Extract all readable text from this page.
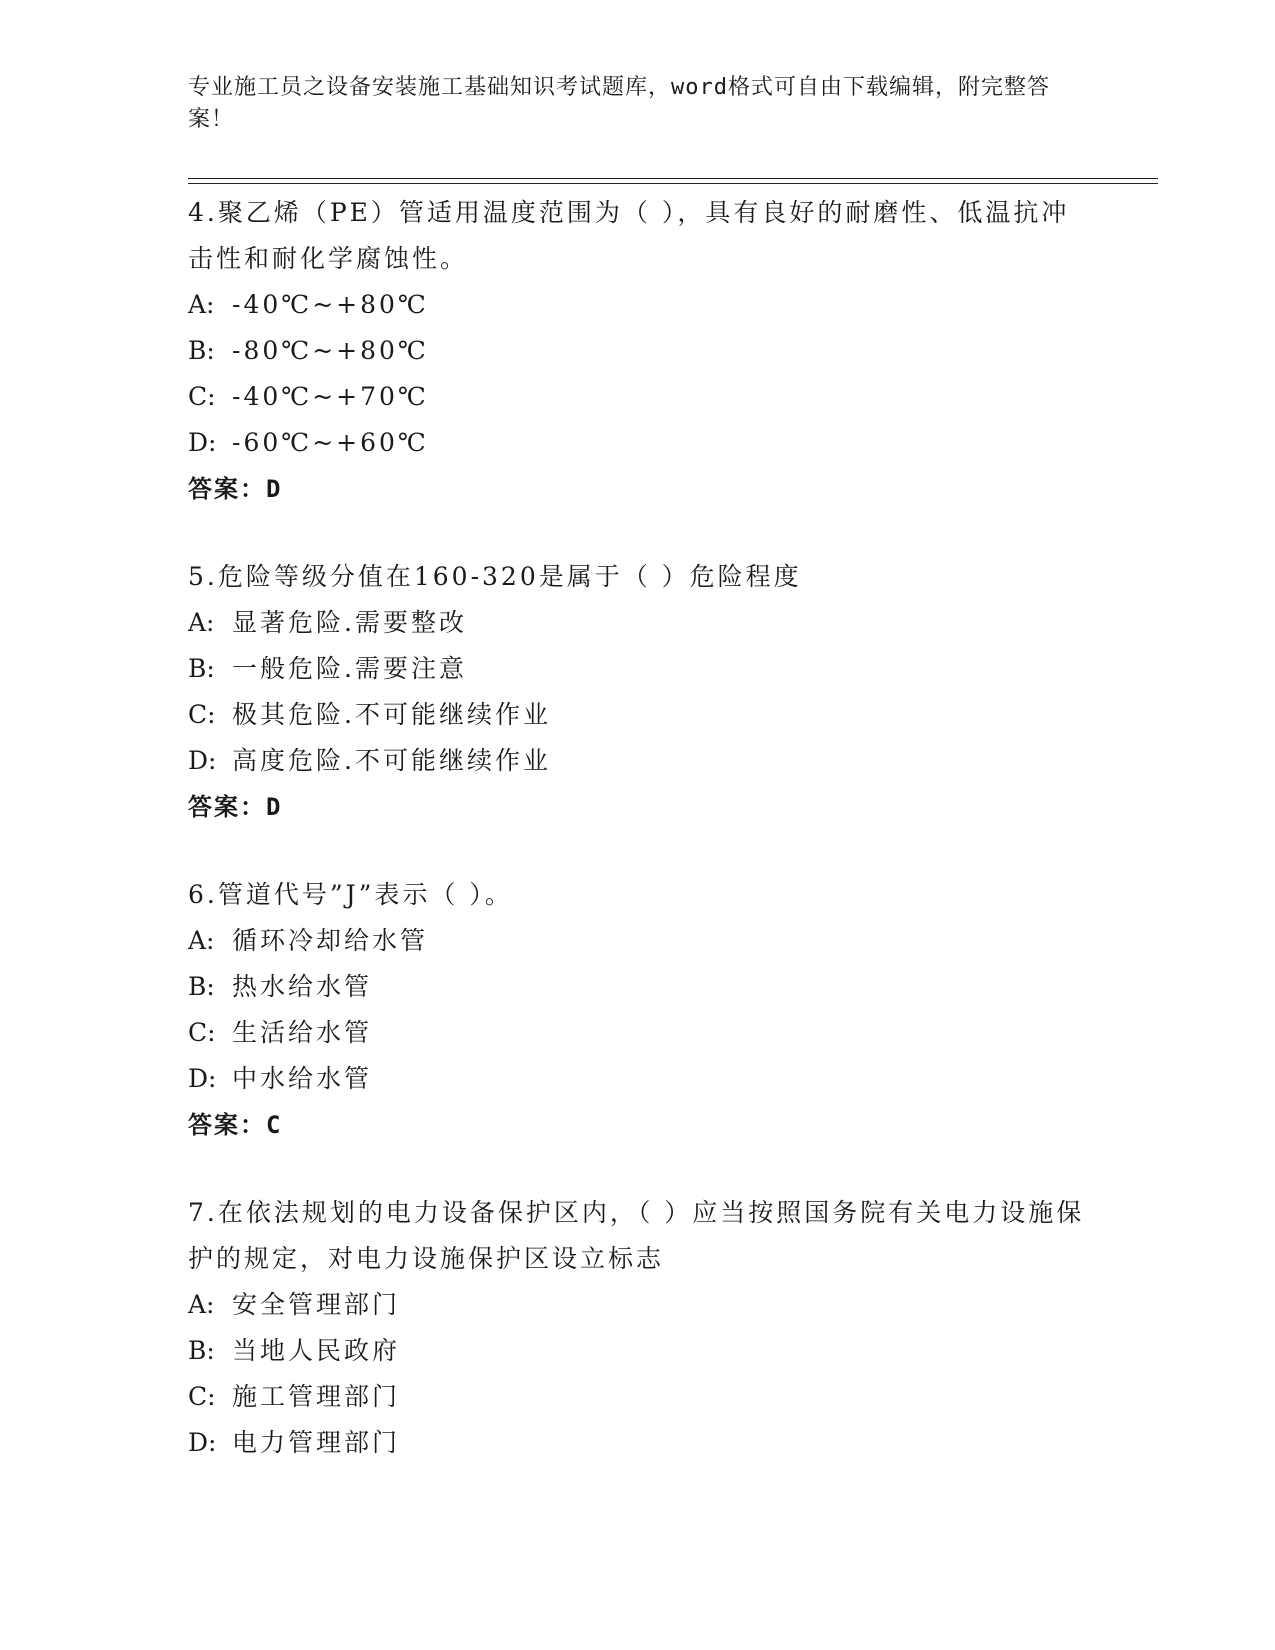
专业施工员之设备安装施工基础知识考试题库，word格式可自由下载编辑，附完整答案！
4.聚乙烯（PE）管适用温度范围为（ ），具有良好的耐磨性、低温抗冲击性和耐化学腐蚀性。
A: -40℃~+80℃
B: -80℃~+80℃
C: -40℃~+70℃
D: -60℃~+60℃
答案：D
5.危险等级分值在160-320是属于（ ）危险程度
A: 显著危险.需要整改
B: 一般危险.需要注意
C: 极其危险.不可能继续作业
D: 高度危险.不可能继续作业
答案：D
6.管道代号”J”表示（ ）。
A: 循环冷却给水管
B: 热水给水管
C: 生活给水管
D: 中水给水管
答案：C
7.在依法规划的电力设备保护区内，（ ）应当按照国务院有关电力设施保护的规定，对电力设施保护区设立标志
A: 安全管理部门
B: 当地人民政府
C: 施工管理部门
D: 电力管理部门
